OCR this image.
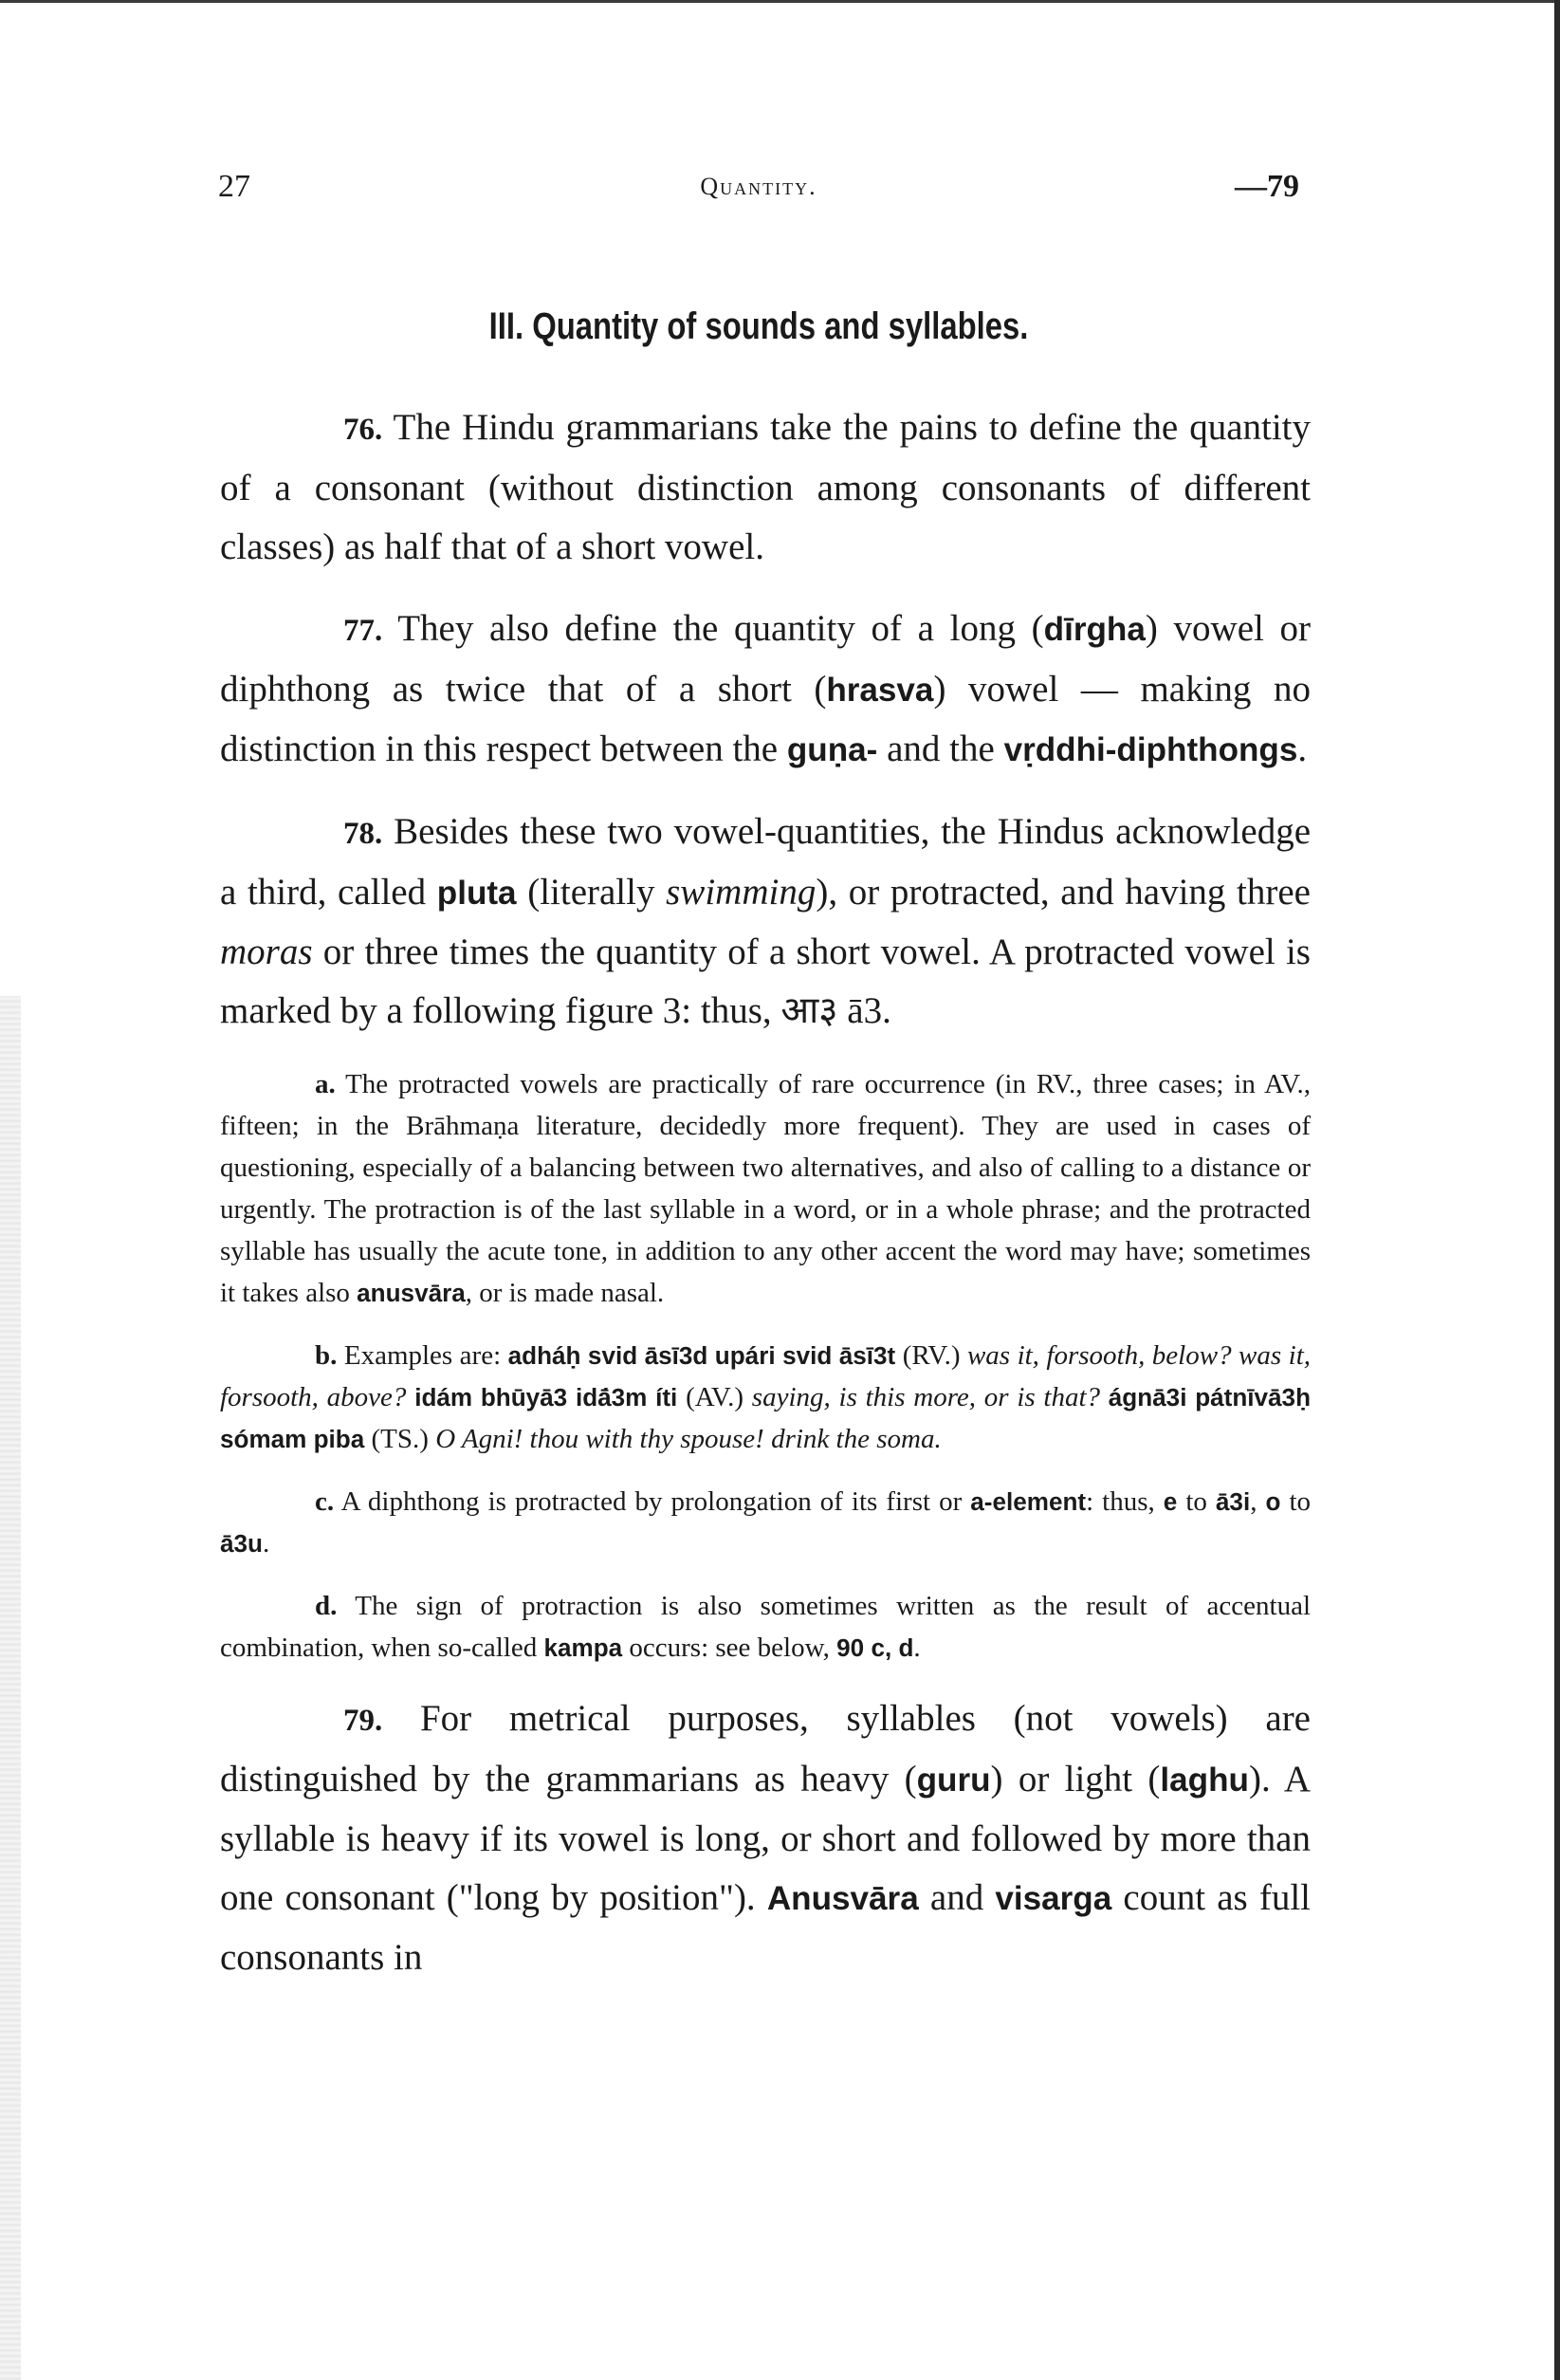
27	Quantity.	—79
III. Quantity of sounds and syllables.

76. The Hindu grammarians take the pains to define the quantity of a consonant (without distinction among consonants of different classes) as half that of a short vowel.

77. They also define the quantity of a long (dīrgha) vowel or diphthong as twice that of a short (hrasva) vowel — making no distinction in this respect between the guṇa- and the vṛddhi-diphthongs.

78. Besides these two vowel-quantities, the Hindus acknowledge a third, called pluta (literally swimming), or protracted, and having three moras or three times the quantity of a short vowel. A protracted vowel is marked by a following figure 3: thus, आ३ ā3.

a. The protracted vowels are practically of rare occurrence (in RV., three cases; in AV., fifteen; in the Brāhmaṇa literature, decidedly more frequent). They are used in cases of questioning, especially of a balancing between two alternatives, and also of calling to a distance or urgently. The protraction is of the last syllable in a word, or in a whole phrase; and the protracted syllable has usually the acute tone, in addition to any other accent the word may have; sometimes it takes also anusvāra, or is made nasal.

b. Examples are: adháḥ svid āsī3d upári svid āsī3t (RV.) was it, forsooth, below? was it, forsooth, above? idám bhūyā3 idā́3m íti (AV.) saying, is this more, or is that? ágnā3i pátnīvā3ḥ sómam piba (TS.) O Agni! thou with thy spouse! drink the soma.

c. A diphthong is protracted by prolongation of its first or a-element: thus, e to ā3i, o to ā3u.

d. The sign of protraction is also sometimes written as the result of accentual combination, when so-called kampa occurs: see below, 90 c, d.

79. For metrical purposes, syllables (not vowels) are distinguished by the grammarians as heavy (guru) or light (laghu). A syllable is heavy if its vowel is long, or short and followed by more than one consonant ("long by position"). Anusvāra and visarga count as full consonants in
